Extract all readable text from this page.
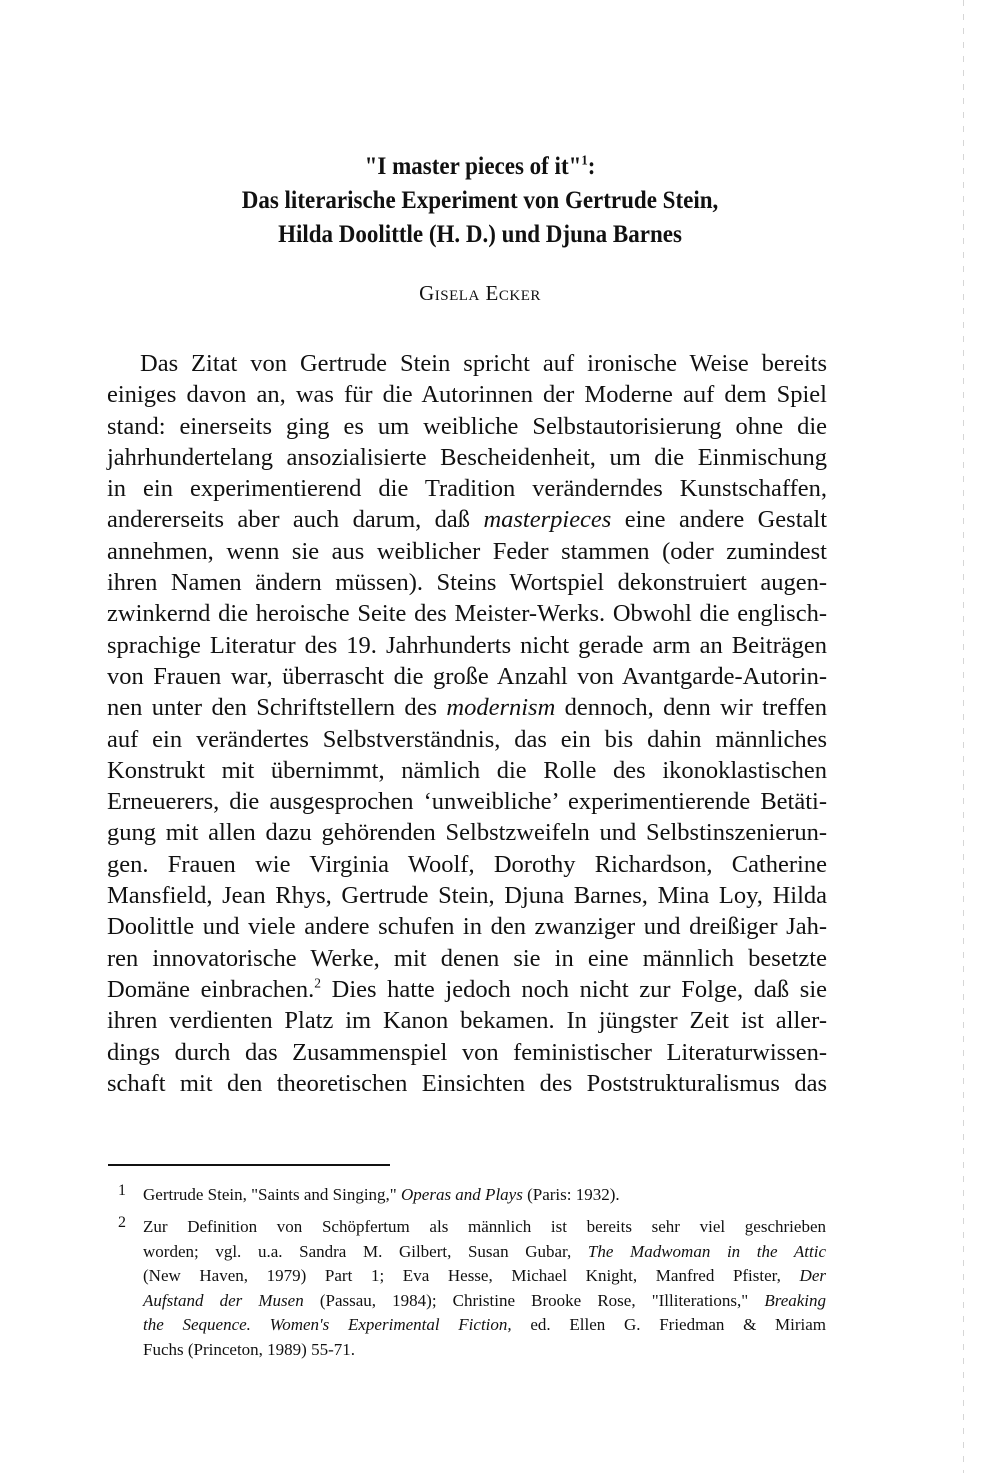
"I master pieces of it"$^1$:
Das literarische Experiment von Gertrude Stein,
Hilda Doolittle (H. D.) und Djuna Barnes
GISELA ECKER
Das Zitat von Gertrude Stein spricht auf ironische Weise bereits
einiges davon an, was für die Autorinnen der Moderne auf dem Spiel
stand: einerseits ging es um weibliche Selbstautorisierung ohne die
jahrhundertelang ansozialisierte Bescheidenheit, um die Einmischung
in ein experimentierend die Tradition veränderndes Kunstschaffen,
andererseits aber auch darum, daß masterpieces eine andere Gestalt
annehmen, wenn sie aus weiblicher Feder stammen (oder zumindest
ihren Namen ändern müssen). Steins Wortspiel dekonstruiert augen-
zwinkernd die heroische Seite des Meister-Werks. Obwohl die englisch-
sprachige Literatur des 19. Jahrhunderts nicht gerade arm an Beiträgen
von Frauen war, überrascht die große Anzahl von Avantgarde-Autorin-
nen unter den Schriftstellern des modernism dennoch, denn wir treffen
auf ein verändertes Selbstverständnis, das ein bis dahin männliches
Konstrukt mit übernimmt, nämlich die Rolle des ikonoklastischen
Erneuerers, die ausgesprochen ‘unweibliche’ experimentierende Betäti-
gung mit allen dazu gehörenden Selbstzweifeln und Selbstinszenierun-
gen. Frauen wie Virginia Woolf, Dorothy Richardson, Catherine
Mansfield, Jean Rhys, Gertrude Stein, Djuna Barnes, Mina Loy, Hilda
Doolittle und viele andere schufen in den zwanziger und dreißiger Jah-
ren innovatorische Werke, mit denen sie in eine männlich besetzte
Domäne einbrachen.$^2$ Dies hatte jedoch noch nicht zur Folge, daß sie
ihren verdienten Platz im Kanon bekamen. In jüngster Zeit ist aller-
dings durch das Zusammenspiel von feministischer Literaturwissen-
schaft mit den theoretischen Einsichten des Poststrukturalismus das
1 Gertrude Stein, "Saints and Singing," Operas and Plays (Paris: 1932).
2 Zur Definition von Schöpfertum als männlich ist bereits sehr viel geschrieben
worden; vgl. u.a. Sandra M. Gilbert, Susan Gubar, The Madwoman in the Attic
(New Haven, 1979) Part 1; Eva Hesse, Michael Knight, Manfred Pfister, Der
Aufstand der Musen (Passau, 1984); Christine Brooke Rose, "Illiterations," Breaking
the Sequence. Women's Experimental Fiction, ed. Ellen G. Friedman & Miriam
Fuchs (Princeton, 1989) 55-71.
